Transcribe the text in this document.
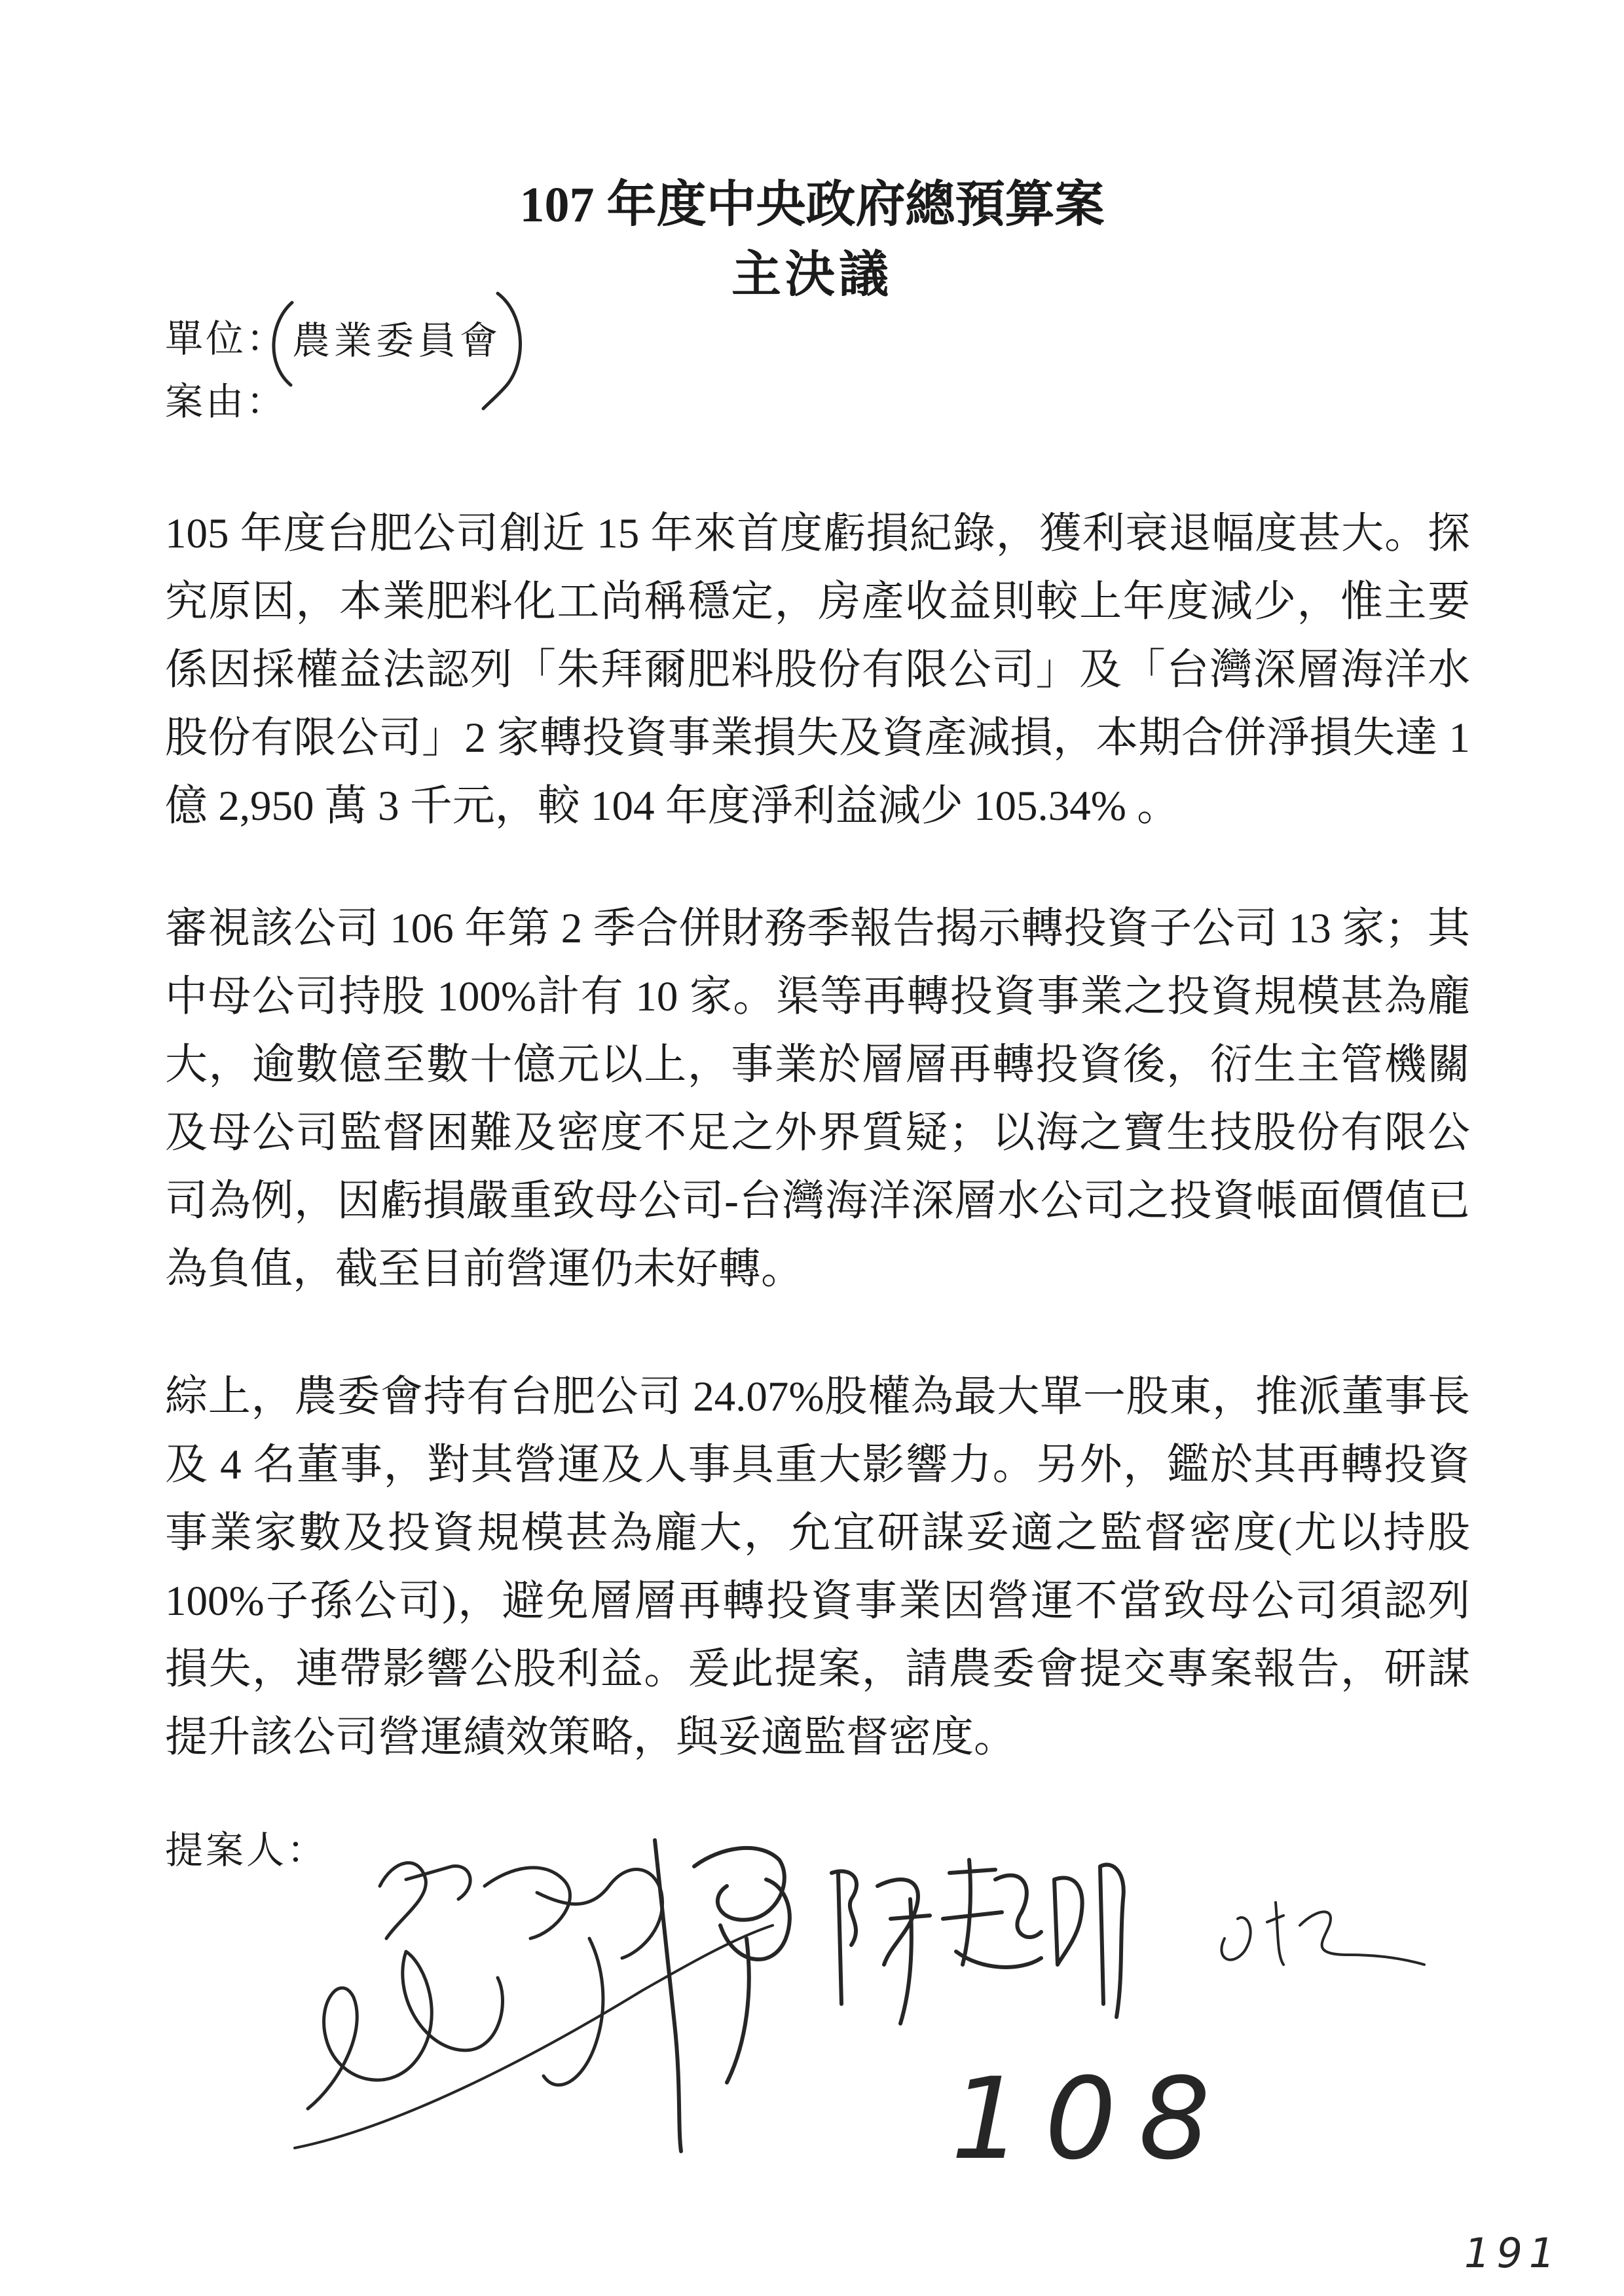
107 年度中央政府總預算案
主決議
單位： 農業委員會
案由：
105 年度台肥公司創近 15 年來首度虧損紀錄，獲利衰退幅度甚大。探
究原因，本業肥料化工尚稱穩定，房產收益則較上年度減少，惟主要
係因採權益法認列「朱拜爾肥料股份有限公司」及「台灣深層海洋水
股份有限公司」2 家轉投資事業損失及資產減損，本期合併淨損失達 1
億 2,950 萬 3 千元，較 104 年度淨利益減少 105.34% 。
審視該公司 106 年第 2 季合併財務季報告揭示轉投資子公司 13 家；其
中母公司持股 100%計有 10 家。渠等再轉投資事業之投資規模甚為龐
大，逾數億至數十億元以上，事業於層層再轉投資後，衍生主管機關
及母公司監督困難及密度不足之外界質疑；以海之寶生技股份有限公
司為例，因虧損嚴重致母公司-台灣海洋深層水公司之投資帳面價值已
為負值，截至目前營運仍未好轉。
綜上，農委會持有台肥公司 24.07%股權為最大單一股東，推派董事長
及 4 名董事，對其營運及人事具重大影響力。另外，鑑於其再轉投資
事業家數及投資規模甚為龐大，允宜研謀妥適之監督密度(尤以持股
100%子孫公司)，避免層層再轉投資事業因營運不當致母公司須認列
損失，連帶影響公股利益。爰此提案，請農委會提交專案報告，研謀
提升該公司營運績效策略，與妥適監督密度。
提案人：
108
191
